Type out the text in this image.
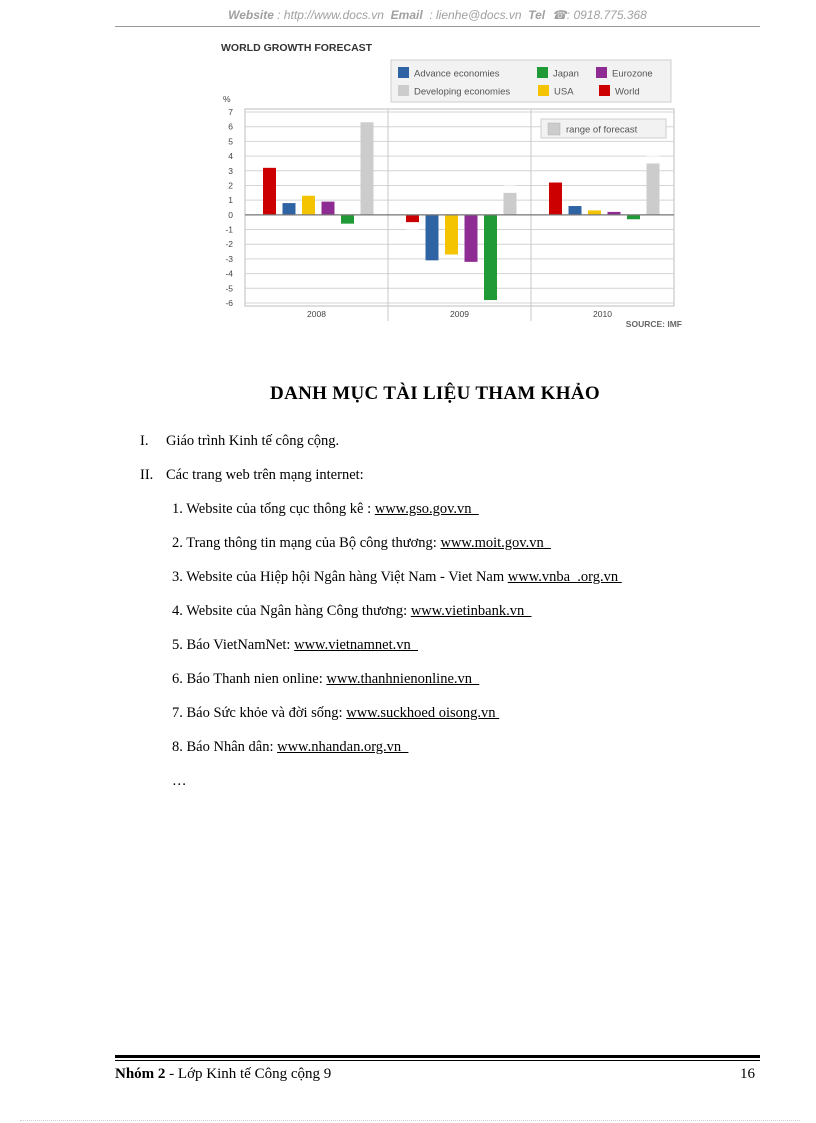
Website : http://www.docs.vn Email : lienhe@docs.vn Tel ☎: 0918.775.368
WORLD GROWTH FORECAST
7
6
5
4
3
2
1
0
-1
-2
-3
-4
-5
-6
%
2008	2009	2010
Advance economies	Japan	Eurozone
Developing economies	USA	World
range of forecast
SOURCE: IMF
DANH MỤC TÀI LIỆU THAM KHẢO
I. Giáo trình Kinh tế công cộng.
II. Các trang web trên mạng internet:
1. Website của tổng cục thông kê : www.gso.gov.vn
2. Trang thông tin mạng của Bộ công thương: www.moit.gov.vn
3. Website của Hiệp hội Ngân hàng Việt Nam - Viet Nam www.vnba  .org.vn
4. Website của Ngân hàng Công thương: www.vietinbank.vn
5. Báo VietNamNet: www.vietnamnet.vn
6. Báo Thanh nien online: www.thanhnienonline.vn
7. Báo Sức khỏe và đời sống: www.suckhoed oisong.vn
8. Báo Nhân dân: www.nhandan.org.vn
…
Nhóm 2 - Lớp Kinh tế Công cộng 9	16
